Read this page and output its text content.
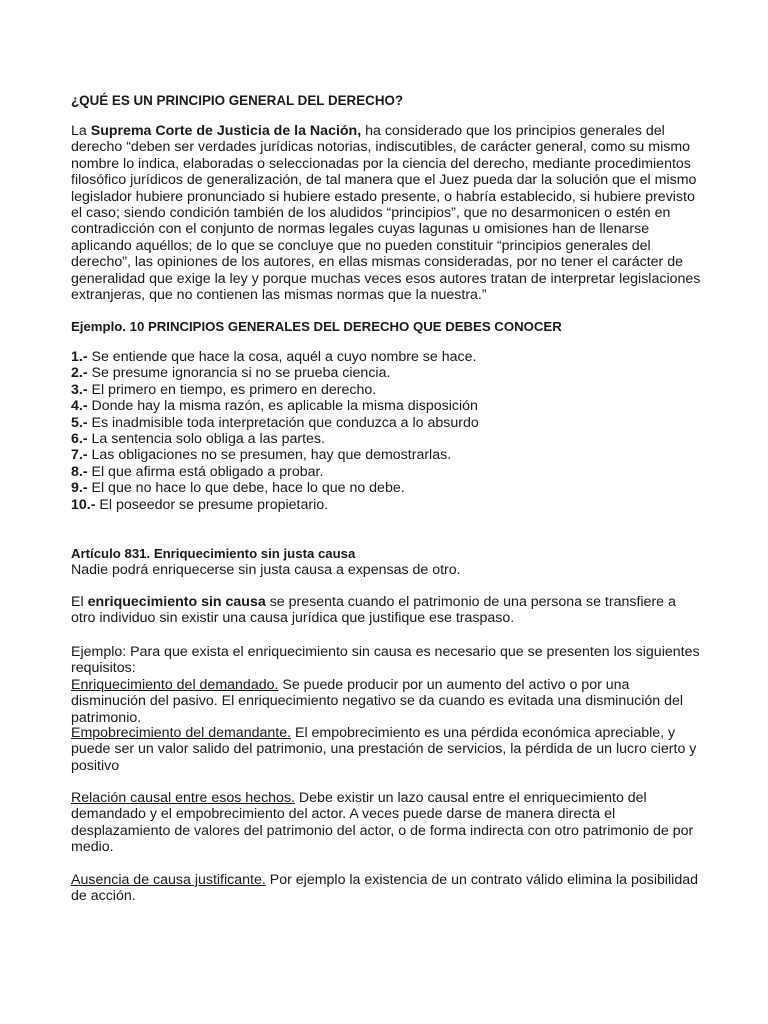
¿QUÉ ES UN PRINCIPIO GENERAL DEL DERECHO?

La Suprema Corte de Justicia de la Nación, ha considerado que los principios generales del derecho “deben ser verdades jurídicas notorias, indiscutibles, de carácter general, como su mismo nombre lo indica, elaboradas o seleccionadas por la ciencia del derecho, mediante procedimientos filosófico jurídicos de generalización, de tal manera que el Juez pueda dar la solución que el mismo legislador hubiere pronunciado si hubiere estado presente, o habría establecido, si hubiere previsto el caso; siendo condición también de los aludidos “principios”, que no desarmonicen o estén en contradicción con el conjunto de normas legales cuyas lagunas u omisiones han de llenarse aplicando aquéllos; de lo que se concluye que no pueden constituir “principios generales del derecho”, las opiniones de los autores, en ellas mismas consideradas, por no tener el carácter de generalidad que exige la ley y porque muchas veces esos autores tratan de interpretar legislaciones extranjeras, que no contienen las mismas normas que la nuestra.”

Ejemplo. 10 PRINCIPIOS GENERALES DEL DERECHO QUE DEBES CONOCER
1.- Se entiende que hace la cosa, aquél a cuyo nombre se hace.
2.- Se presume ignorancia si no se prueba ciencia.
3.- El primero en tiempo, es primero en derecho.
4.- Donde hay la misma razón, es aplicable la misma disposición
5.- Es inadmisible toda interpretación que conduzca a lo absurdo
6.- La sentencia solo obliga a las partes.
7.- Las obligaciones no se presumen, hay que demostrarlas.
8.- El que afirma está obligado a probar.
9.- El que no hace lo que debe, hace lo que no debe.
10.- El poseedor se presume propietario.
Artículo 831. Enriquecimiento sin justa causa

Nadie podrá enriquecerse sin justa causa a expensas de otro.

El enriquecimiento sin causa se presenta cuando el patrimonio de una persona se transfiere a otro individuo sin existir una causa jurídica que justifique ese traspaso.

Ejemplo: Para que exista el enriquecimiento sin causa es necesario que se presenten los siguientes requisitos:

Enriquecimiento del demandado. Se puede producir por un aumento del activo o por una disminución del pasivo. El enriquecimiento negativo se da cuando es evitada una disminución del patrimonio.

Empobrecimiento del demandante. El empobrecimiento es una pérdida económica apreciable, y puede ser un valor salido del patrimonio, una prestación de servicios, la pérdida de un lucro cierto y positivo

Relación causal entre esos hechos. Debe existir un lazo causal entre el enriquecimiento del demandado y el empobrecimiento del actor. A veces puede darse de manera directa el desplazamiento de valores del patrimonio del actor, o de forma indirecta con otro patrimonio de por medio.

Ausencia de causa justificante. Por ejemplo la existencia de un contrato válido elimina la posibilidad de acción.
